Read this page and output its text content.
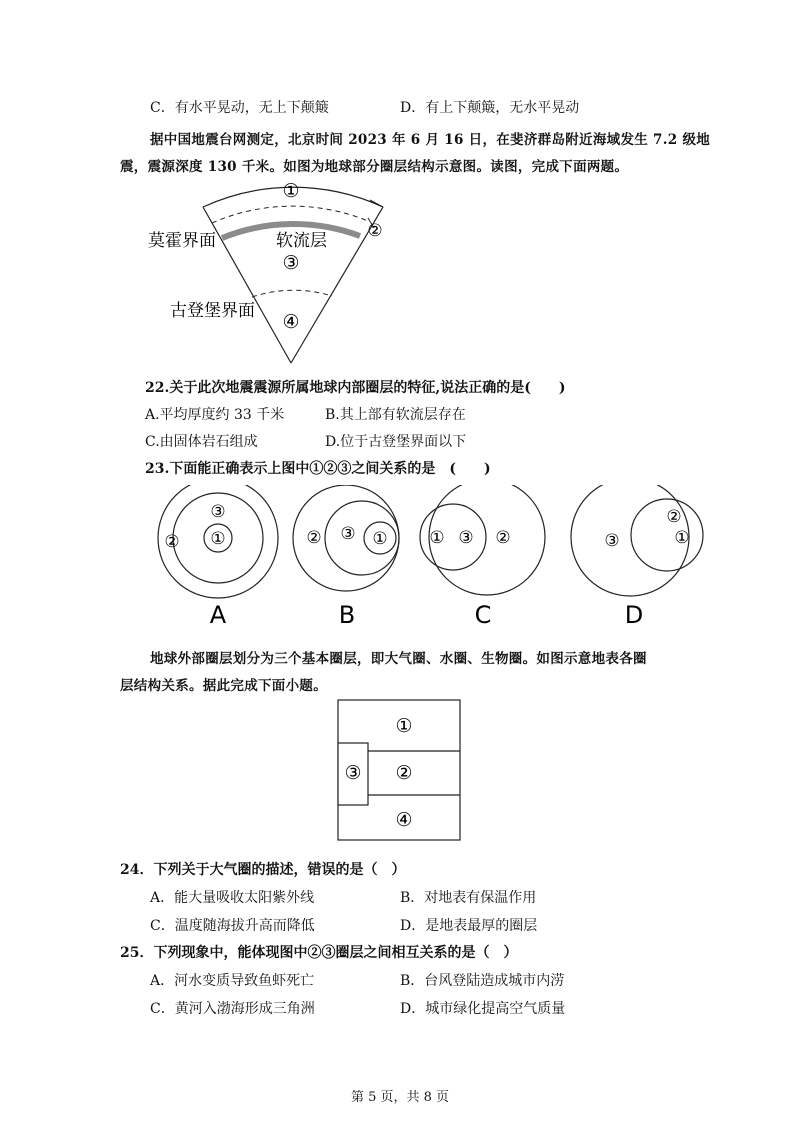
C．有水平晃动，无上下颠簸	D．有上下颠簸，无水平晃动
据中国地震台网测定，北京时间 2023 年 6 月 16 日，在斐济群岛附近海域发生 7.2 级地
震，震源深度 130 千米。如图为地球部分圈层结构示意图。读图，完成下面两题。
①
②
③
④
莫霍界面	软流层
古登堡界面
22.关于此次地震震源所属地球内部圈层的特征,说法正确的是(　　)
A.平均厚度约 33 千米	B.其上部有软流层存在
C.由固体岩石组成	D.位于古登堡界面以下
23.下面能正确表示上图中①②③之间关系的是　(　　)
①
②
③
A
①
② ③
B
①	②
③
C
①
②
③
D
地球外部圈层划分为三个基本圈层，即大气圈、水圈、生物圈。如图示意地表各圈
层结构关系。据此完成下面小题。
①
②
③
④
24．下列关于大气圈的描述，错误的是（　）
A．能大量吸收太阳紫外线	B．对地表有保温作用
C．温度随海拔升高而降低	D．是地表最厚的圈层
25．下列现象中，能体现图中②③圈层之间相互关系的是（　）
A．河水变质导致鱼虾死亡	B．台风登陆造成城市内涝
C．黄河入渤海形成三角洲	D．城市绿化提高空气质量
第 5 页，共 8 页
